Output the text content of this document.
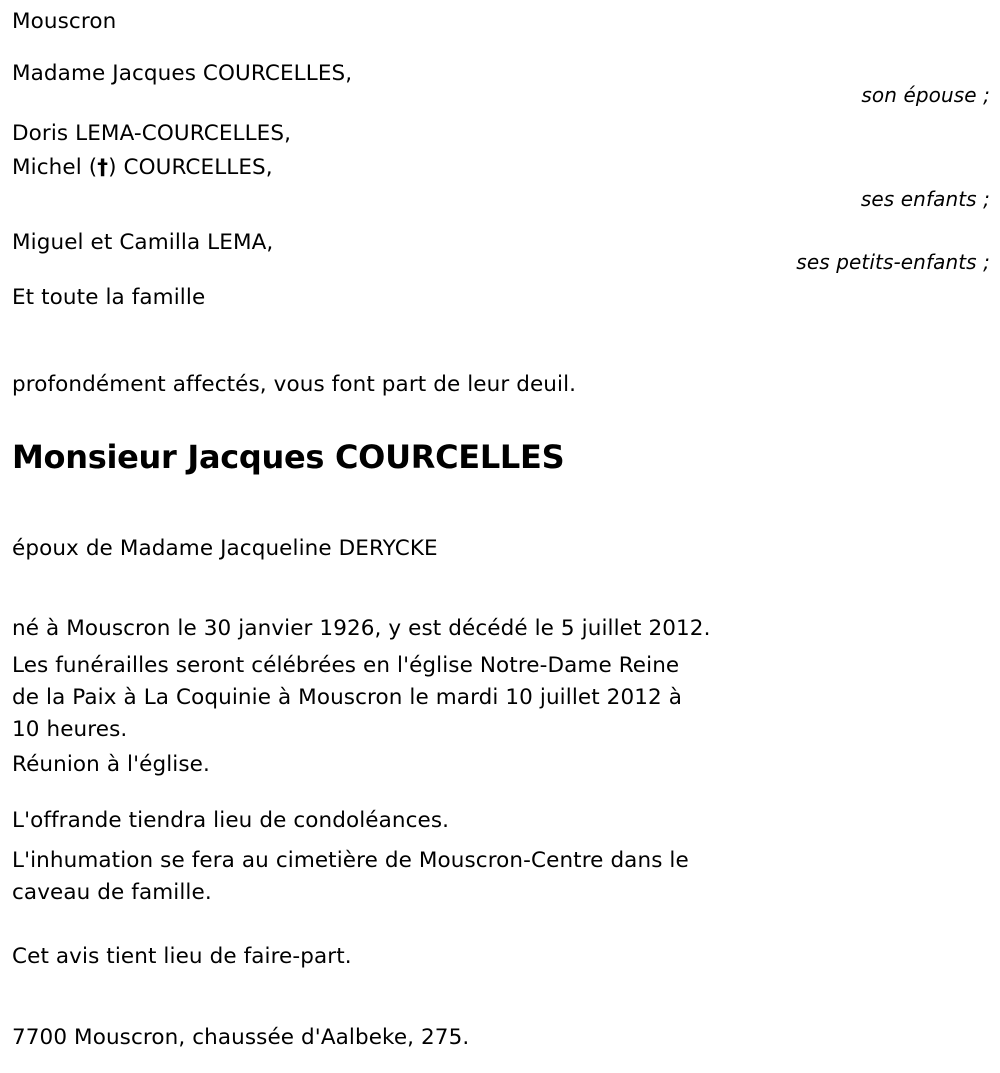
Mouscron
Madame Jacques COURCELLES,
son épouse ;
Doris LEMA-COURCELLES,
Michel (†) COURCELLES,
ses enfants ;
Miguel et Camilla LEMA,
ses petits-enfants ;
Et toute la famille
profondément affectés, vous font part de leur deuil.
Monsieur Jacques COURCELLES
époux de Madame Jacqueline DERYCKE
né à Mouscron le 30 janvier 1926, y est décédé le 5 juillet 2012.
Les funérailles seront célébrées en l'église Notre-Dame Reine de la Paix à La Coquinie à Mouscron le mardi 10 juillet 2012 à 10 heures.
Réunion à l'église.
L'offrande tiendra lieu de condoléances.
L'inhumation se fera au cimetière de Mouscron-Centre dans le caveau de famille.
Cet avis tient lieu de faire-part.
7700 Mouscron, chaussée d'Aalbeke, 275.
